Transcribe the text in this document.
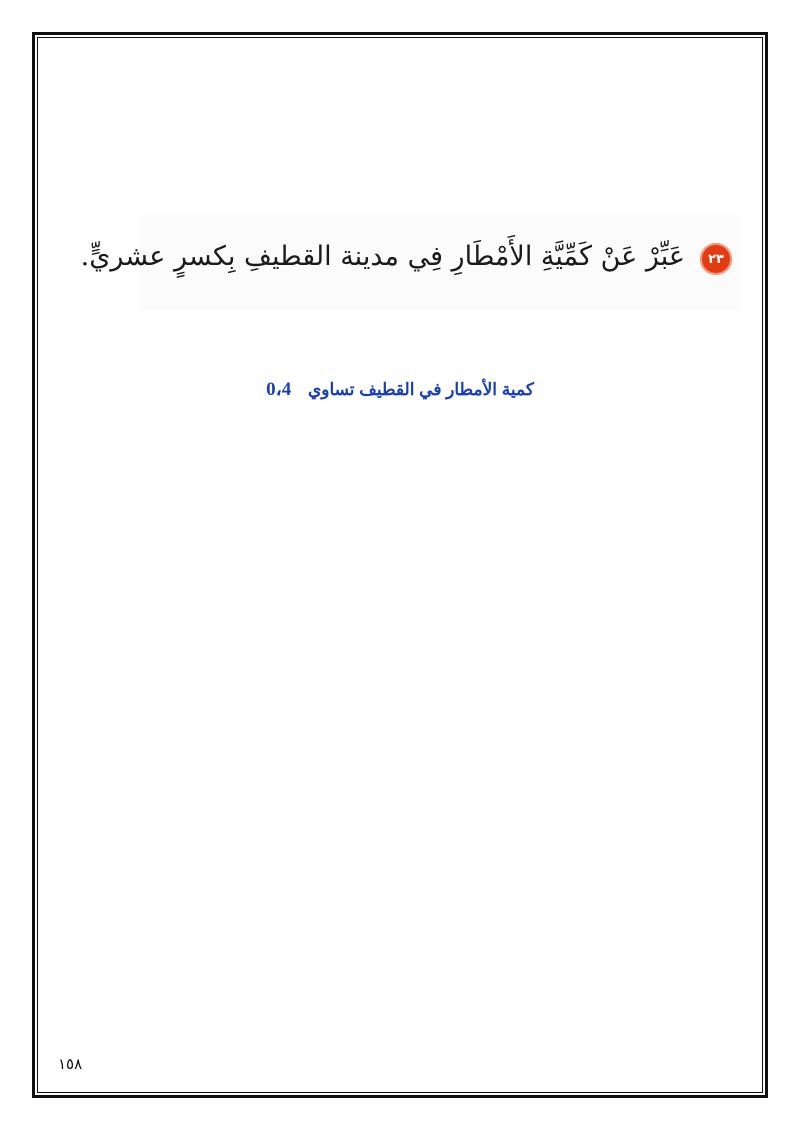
٢٣
عَبِّرْ عَنْ كَمِّيَّةِ الأَمْطَارِ فِي مدينة القطيفِ بِكسرٍ عشريٍّ.
كمية الأمطار في القطيف تساوي 0،4
١٥٨
